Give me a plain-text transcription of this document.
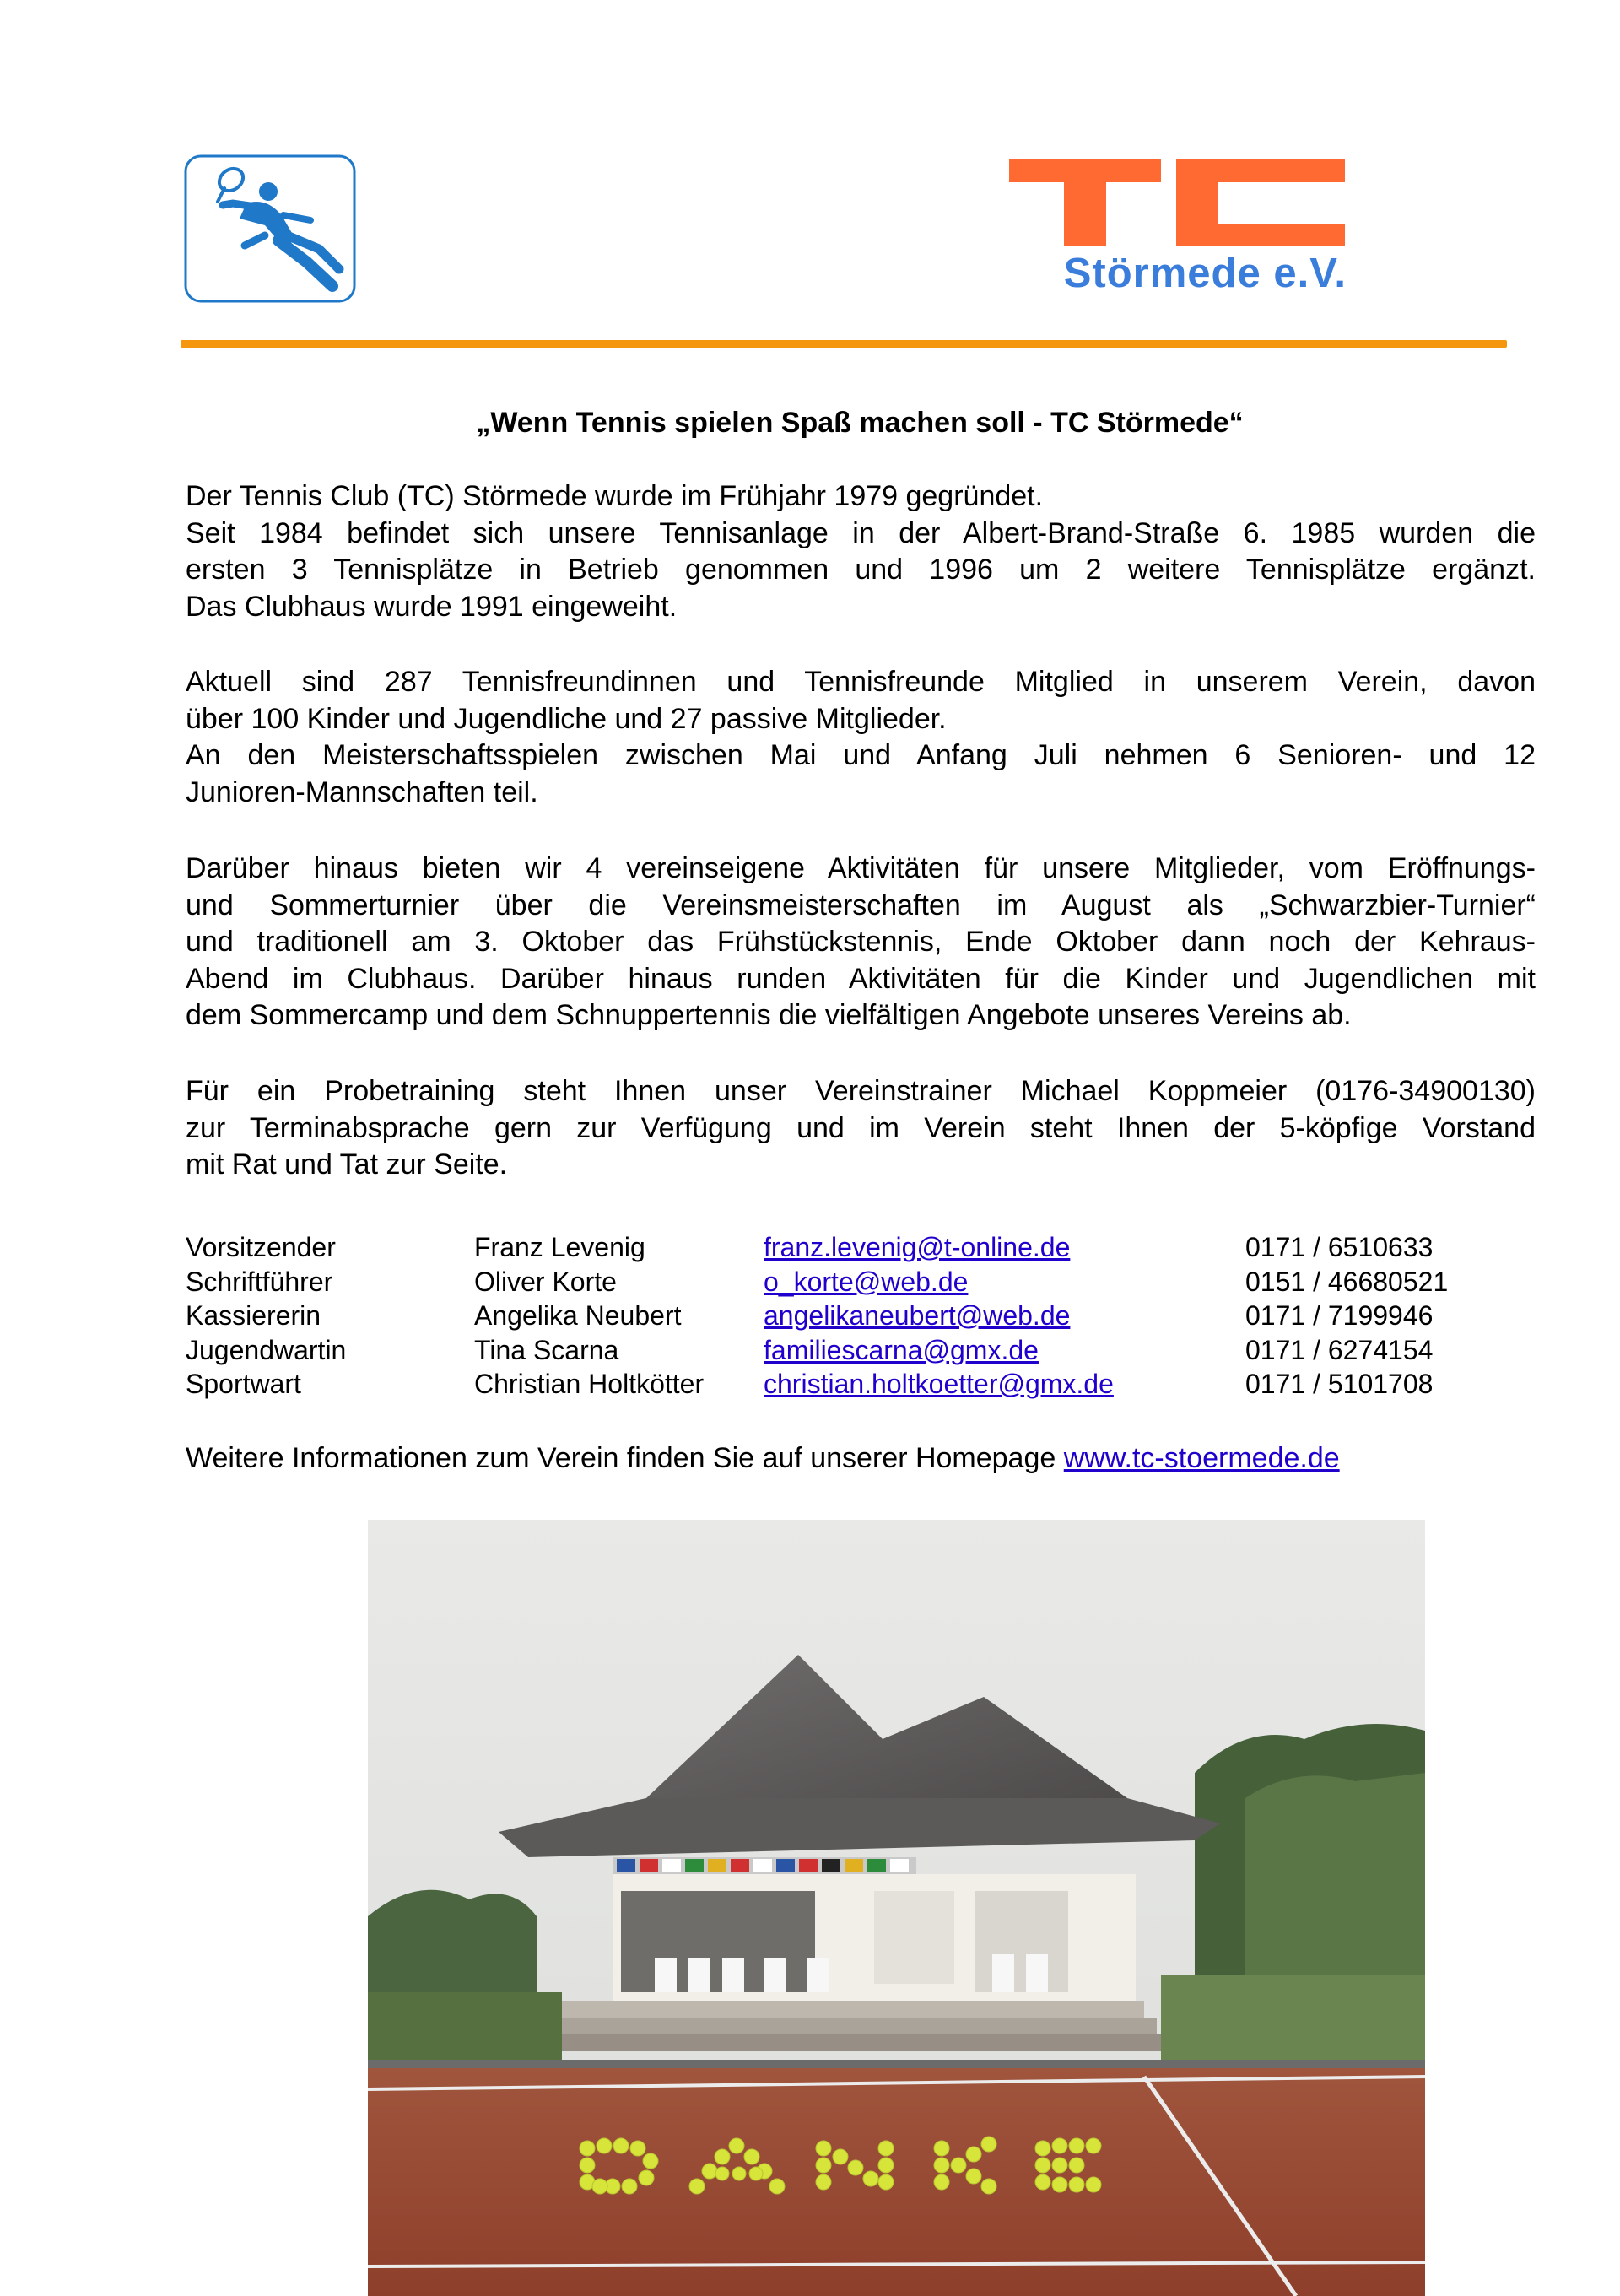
Störmede e.V.
„Wenn Tennis spielen Spaß machen soll - TC Störmede“
Der Tennis Club (TC) Störmede wurde im Frühjahr 1979 gegründet.
Seit 1984 befindet sich unsere Tennisanlage in der Albert-Brand-Straße 6. 1985 wurden die
ersten 3 Tennisplätze in Betrieb genommen und 1996 um 2 weitere Tennisplätze ergänzt.
Das Clubhaus wurde 1991 eingeweiht.
Aktuell sind 287 Tennisfreundinnen und Tennisfreunde Mitglied in unserem Verein, davon
über 100 Kinder und Jugendliche und 27 passive Mitglieder.
An den Meisterschaftsspielen zwischen Mai und Anfang Juli nehmen 6 Senioren- und 12
Junioren-Mannschaften teil.
Darüber hinaus bieten wir 4 vereinseigene Aktivitäten für unsere Mitglieder, vom Eröffnungs-
und Sommerturnier über die Vereinsmeisterschaften im August als „Schwarzbier-Turnier“
und traditionell am 3. Oktober das Frühstückstennis, Ende Oktober dann noch der Kehraus-
Abend im Clubhaus. Darüber hinaus runden Aktivitäten für die Kinder und Jugendlichen mit
dem Sommercamp und dem Schnuppertennis die vielfältigen Angebote unseres Vereins ab.
Für ein Probetraining steht Ihnen unser Vereinstrainer Michael Koppmeier (0176-34900130)
zur Terminabsprache gern zur Verfügung und im Verein steht Ihnen der 5-köpfige Vorstand
mit Rat und Tat zur Seite.
Vorsitzender	Franz Levenig	franz.levenig@t-online.de	0171 / 6510633
Schriftführer	Oliver Korte	o_korte@web.de	0151 / 46680521
Kassiererin	Angelika Neubert	angelikaneubert@web.de	0171 / 7199946
Jugendwartin	Tina Scarna	familiescarna@gmx.de	0171 / 6274154
Sportwart	Christian Holtkötter christian.holtkoetter@gmx.de	0171 / 5101708
Weitere Informationen zum Verein finden Sie auf unserer Homepage www.tc-stoermede.de
